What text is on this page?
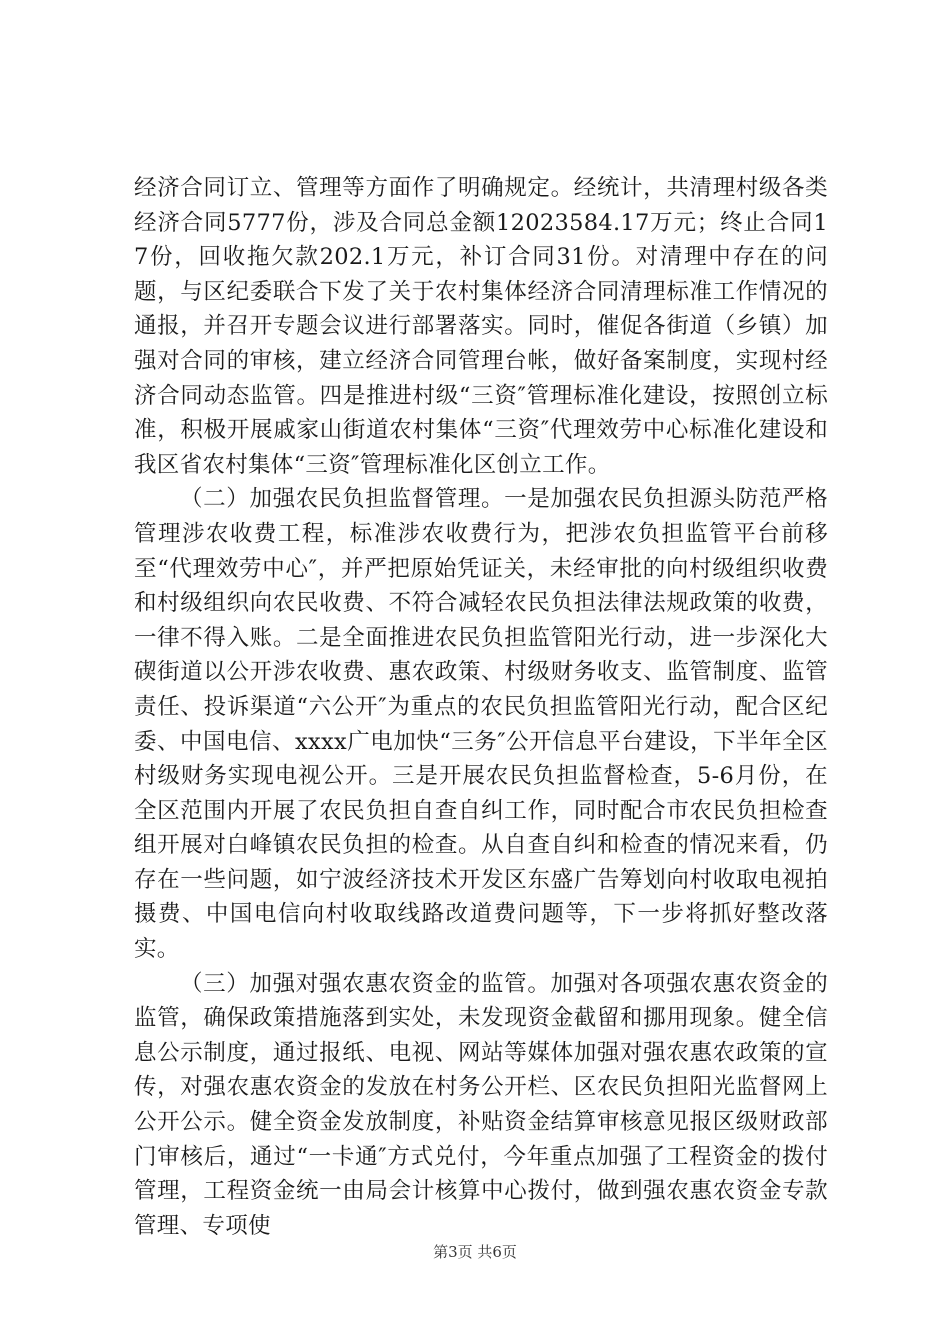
经济合同订立、管理等方面作了明确规定。经统计，共清理村级各类经济合同5777份，涉及合同总金额12023584.17万元；终止合同17份，回收拖欠款202.1万元，补订合同31份。对清理中存在的问题，与区纪委联合下发了关于农村集体经济合同清理标准工作情况的通报，并召开专题会议进行部署落实。同时，催促各街道（乡镇）加强对合同的审核，建立经济合同管理台帐，做好备案制度，实现村经济合同动态监管。四是推进村级“三资″管理标准化建设，按照创立标准，积极开展戚家山街道农村集体“三资″代理效劳中心标准化建设和我区省农村集体“三资″管理标准化区创立工作。

（二）加强农民负担监督管理。一是加强农民负担源头防范严格管理涉农收费工程，标准涉农收费行为，把涉农负担监管平台前移至“代理效劳中心″，并严把原始凭证关，未经审批的向村级组织收费和村级组织向农民收费、不符合减轻农民负担法律法规政策的收费，一律不得入账。二是全面推进农民负担监管阳光行动，进一步深化大碶街道以公开涉农收费、惠农政策、村级财务收支、监管制度、监管责任、投诉渠道“六公开″为重点的农民负担监管阳光行动，配合区纪委、中国电信、xxxx广电加快“三务″公开信息平台建设，下半年全区村级财务实现电视公开。三是开展农民负担监督检查，5-6月份，在全区范围内开展了农民负担自查自纠工作，同时配合市农民负担检查组开展对白峰镇农民负担的检查。从自查自纠和检查的情况来看，仍存在一些问题，如宁波经济技术开发区东盛广告筹划向村收取电视拍摄费、中国电信向村收取线路改道费问题等，下一步将抓好整改落实。

（三）加强对强农惠农资金的监管。加强对各项强农惠农资金的监管，确保政策措施落到实处，未发现资金截留和挪用现象。健全信息公示制度，通过报纸、电视、网站等媒体加强对强农惠农政策的宣传，对强农惠农资金的发放在村务公开栏、区农民负担阳光监督网上公开公示。健全资金发放制度，补贴资金结算审核意见报区级财政部门审核后，通过“一卡通″方式兑付，今年重点加强了工程资金的拨付管理，工程资金统一由局会计核算中心拨付，做到强农惠农资金专款管理、专项使

第3页 共6页
